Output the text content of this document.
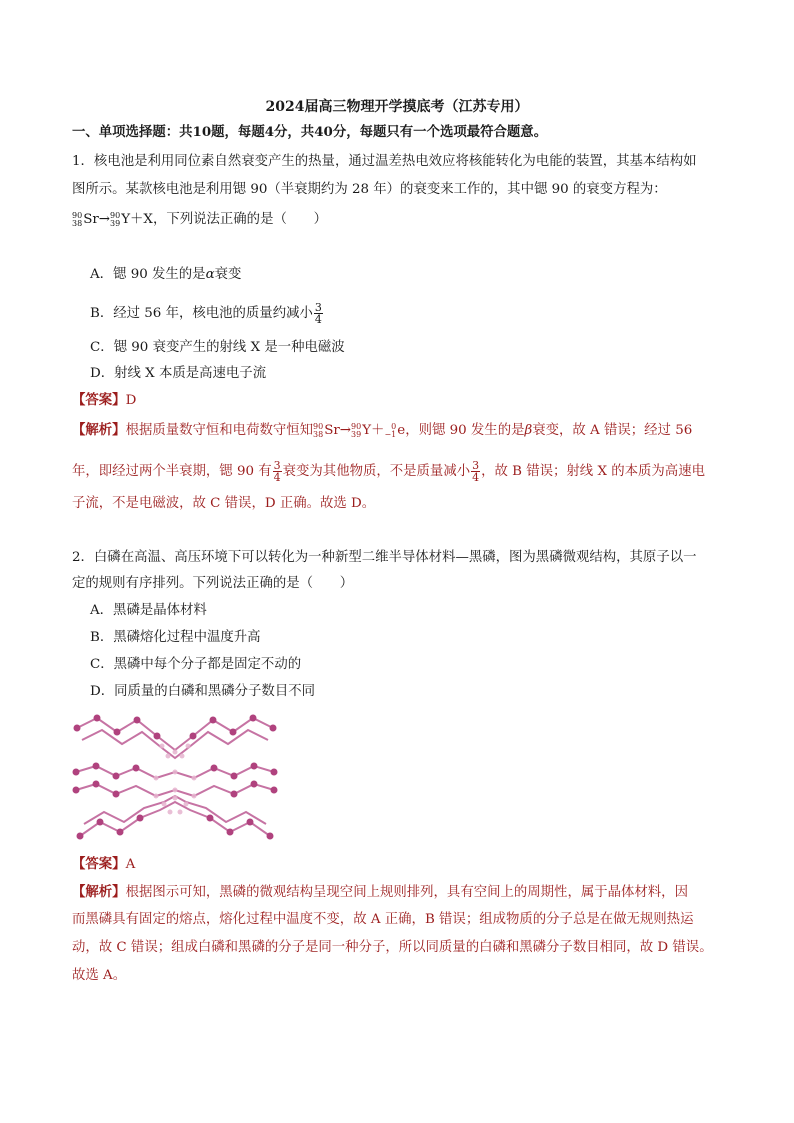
2024届高三物理开学摸底考（江苏专用）
一、单项选择题：共10题，每题4分，共40分，每题只有一个选项最符合题意。
1．核电池是利用同位素自然衰变产生的热量，通过温差热电效应将核能转化为电能的装置，其基本结构如
图所示。某款核电池是利用锶 90（半衰期约为 28 年）的衰变来工作的，其中锶 90 的衰变方程为：
90
38 Sr→ 90
39 Y＋X，下列说法正确的是（　　）
A．锶 90 发生的是α衰变
B．经过 56 年，核电池的质量约减小 $\frac{3}{4}$
C．锶 90 衰变产生的射线 X 是一种电磁波
D．射线 X 本质是高速电子流
【答案】D
【解析】根据质量数守恒和电荷数守恒知 90
38 Sr→ 90
39 Y＋ 0
−1 e，则锶 90 发生的是β衰变，故 A 错误；经过 56
年，即经过两个半衰期，锶 90 有 $\frac{3}{4}$ 衰变为其他物质，不是质量减小 $\frac{3}{4}$ ，故 B 错误；射线 X 的本质为高速电
子流，不是电磁波，故 C 错误，D 正确。故选 D。
2．白磷在高温、高压环境下可以转化为一种新型二维半导体材料—黑磷，图为黑磷微观结构，其原子以一
定的规则有序排列。下列说法正确的是（　　）
A．黑磷是晶体材料
B．黑磷熔化过程中温度升高
C．黑磷中每个分子都是固定不动的
D．同质量的白磷和黑磷分子数目不同
【答案】A
【解析】根据图示可知，黑磷的微观结构呈现空间上规则排列，具有空间上的周期性，属于晶体材料，因
而黑磷具有固定的熔点，熔化过程中温度不变，故 A 正确，B 错误；组成物质的分子总是在做无规则热运
动，故 C 错误；组成白磷和黑磷的分子是同一种分子，所以同质量的白磷和黑磷分子数目相同，故 D 错误。
故选 A。
